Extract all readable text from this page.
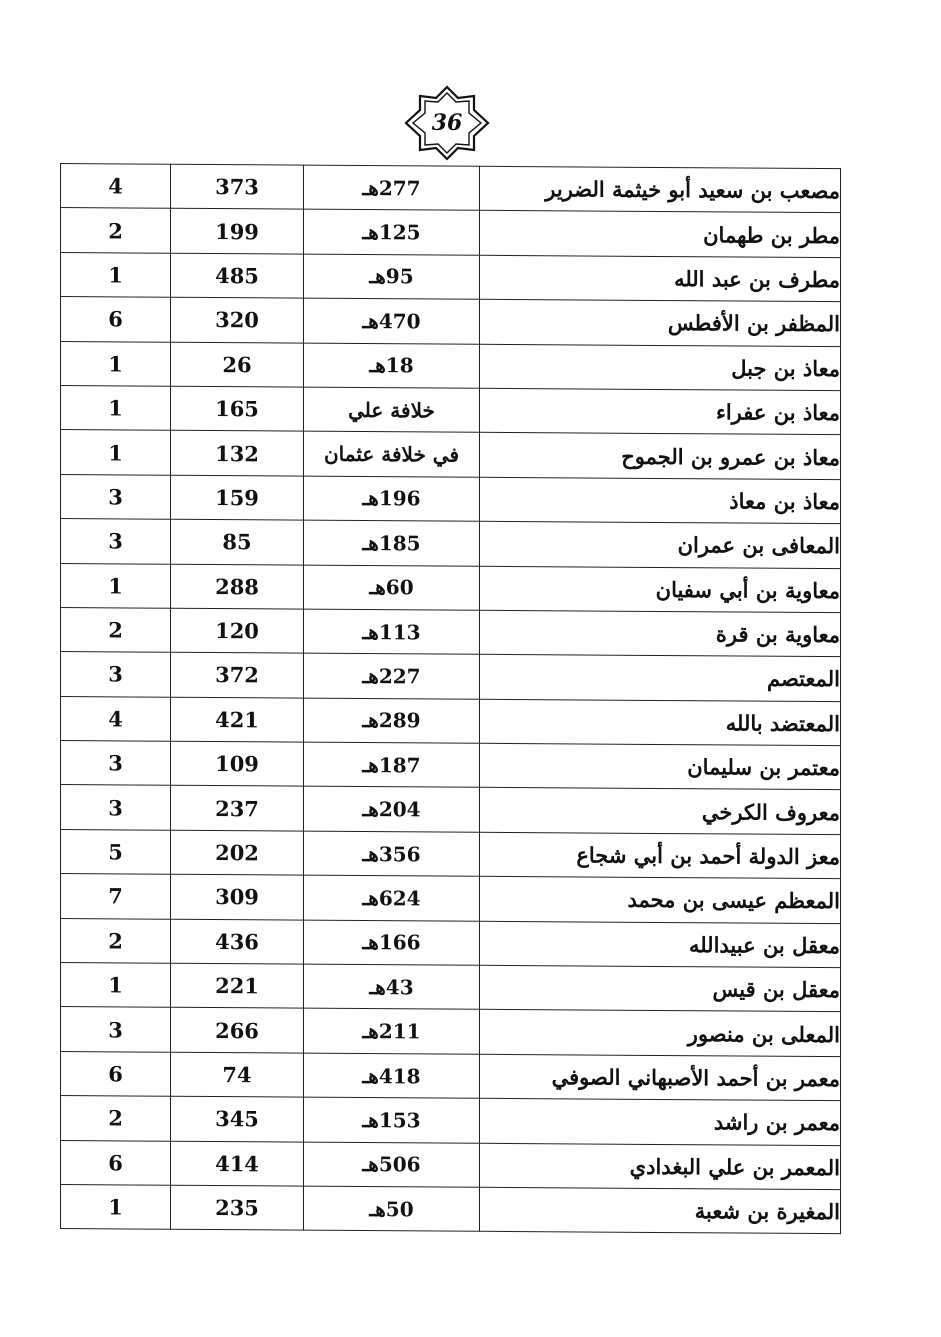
36
4	373	277هـ	مصعب بن سعيد أبو خيثمة الضرير
2	199	125هـ	مطر بن طهمان
1	485	95هـ	مطرف بن عبد الله
6	320	470هـ	المظفر بن الأفطس
1	26	18هـ	معاذ بن جبل
1	165	خلافة علي	معاذ بن عفراء
1	132	في خلافة عثمان	معاذ بن عمرو بن الجموح
3	159	196هـ	معاذ بن معاذ
3	85	185هـ	المعافى بن عمران
1	288	60هـ	معاوية بن أبي سفيان
2	120	113هـ	معاوية بن قرة
3	372	227هـ	المعتصم
4	421	289هـ	المعتضد بالله
3	109	187هـ	معتمر بن سليمان
3	237	204هـ	معروف الكرخي
5	202	356هـ	معز الدولة أحمد بن أبي شجاع
7	309	624هـ	المعظم عيسى بن محمد
2	436	166هـ	معقل بن عبيدالله
1	221	43هـ	معقل بن قيس
3	266	211هـ	المعلى بن منصور
6	74	418هـ	معمر بن أحمد الأصبهاني الصوفي
2	345	153هـ	معمر بن راشد
6	414	506هـ	المعمر بن علي البغدادي
1	235	50هـ	المغيرة بن شعبة
